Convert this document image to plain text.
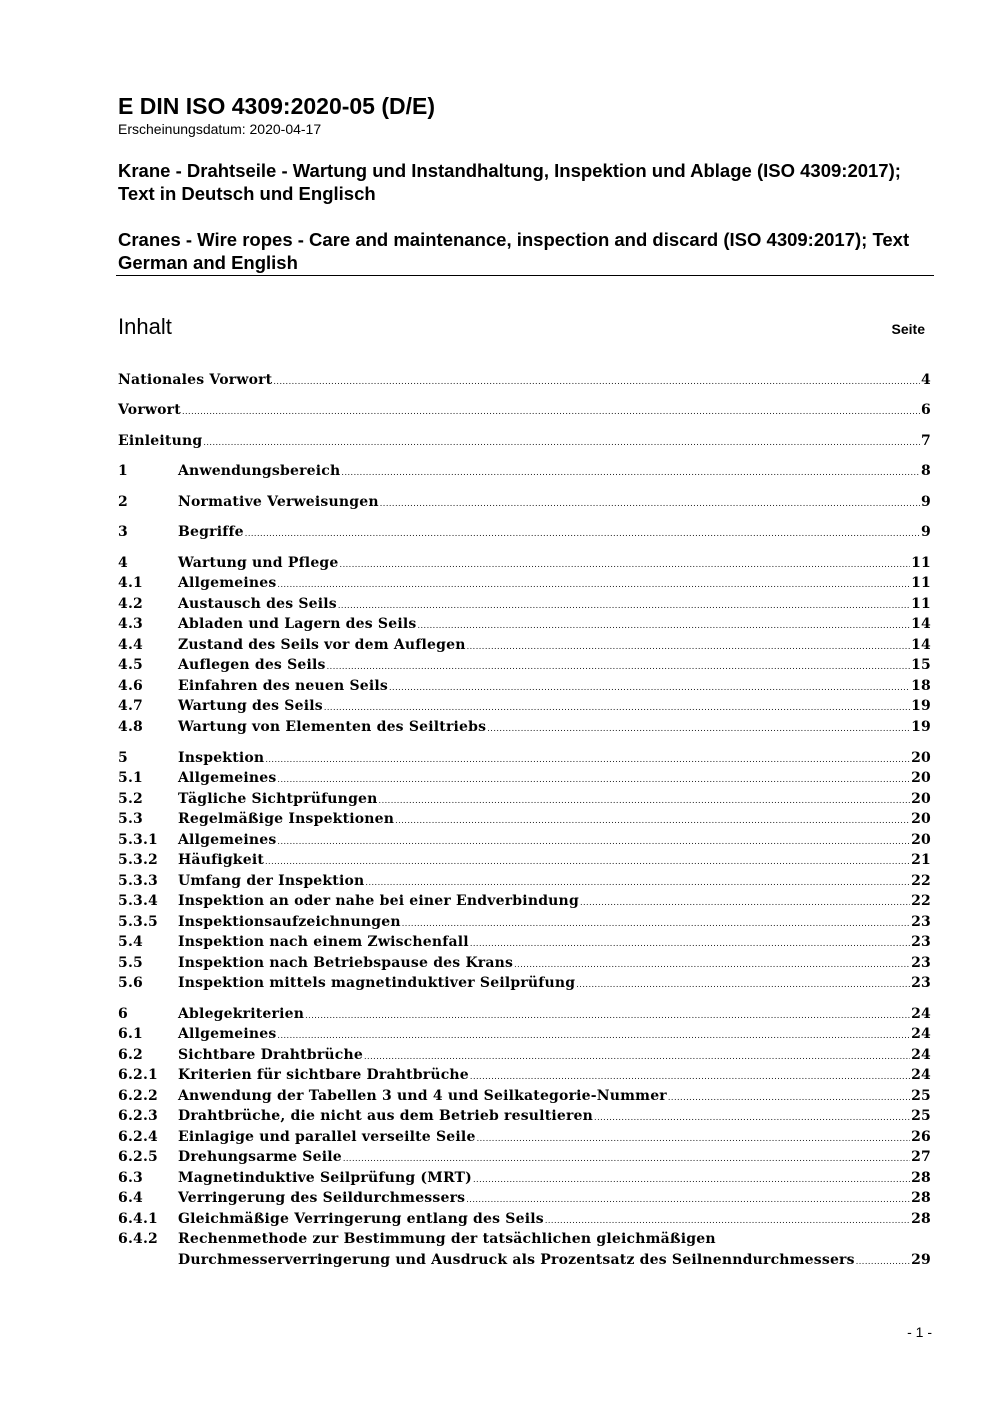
E DIN ISO 4309:2020-05 (D/E)
Erscheinungsdatum: 2020-04-17
Krane - Drahtseile - Wartung und Instandhaltung, Inspektion und Ablage (ISO 4309:2017); Text in Deutsch und Englisch
Cranes - Wire ropes - Care and maintenance, inspection and discard (ISO 4309:2017); Text German and English
Inhalt	Seite
Nationales Vorwort .....	4
Vorwort .....	6
Einleitung .....	7
1	Anwendungsbereich .....	8
2	Normative Verweisungen .....	9
3	Begriffe .....	9
4	Wartung und Pflege .....	11
4.1	Allgemeines .....	11
4.2	Austausch des Seils .....	11
4.3	Abladen und Lagern des Seils .....	14
4.4	Zustand des Seils vor dem Auflegen .....	14
4.5	Auflegen des Seils .....	15
4.6	Einfahren des neuen Seils .....	18
4.7	Wartung des Seils .....	19
4.8	Wartung von Elementen des Seiltriebs .....	19
5	Inspektion .....	20
5.1	Allgemeines .....	20
5.2	Tägliche Sichtprüfungen .....	20
5.3	Regelmäßige Inspektionen .....	20
5.3.1	Allgemeines .....	20
5.3.2	Häufigkeit .....	21
5.3.3	Umfang der Inspektion .....	22
5.3.4	Inspektion an oder nahe bei einer Endverbindung .....	22
5.3.5	Inspektionsaufzeichnungen .....	23
5.4	Inspektion nach einem Zwischenfall .....	23
5.5	Inspektion nach Betriebspause des Krans .....	23
5.6	Inspektion mittels magnetinduktiver Seilprüfung .....	23
6	Ablegekriterien .....	24
6.1	Allgemeines .....	24
6.2	Sichtbare Drahtbrüche .....	24
6.2.1	Kriterien für sichtbare Drahtbrüche .....	24
6.2.2	Anwendung der Tabellen 3 und 4 und Seilkategorie-Nummer .....	25
6.2.3	Drahtbrüche, die nicht aus dem Betrieb resultieren .....	25
6.2.4	Einlagige und parallel verseilte Seile .....	26
6.2.5	Drehungsarme Seile .....	27
6.3	Magnetinduktive Seilprüfung (MRT) .....	28
6.4	Verringerung des Seildurchmessers .....	28
6.4.1	Gleichmäßige Verringerung entlang des Seils .....	28
6.4.2	Rechenmethode zur Bestimmung der tatsächlichen gleichmäßigen
Durchmesserverringerung und Ausdruck als Prozentsatz des Seilnenndurchmessers .....	29
- 1 -
